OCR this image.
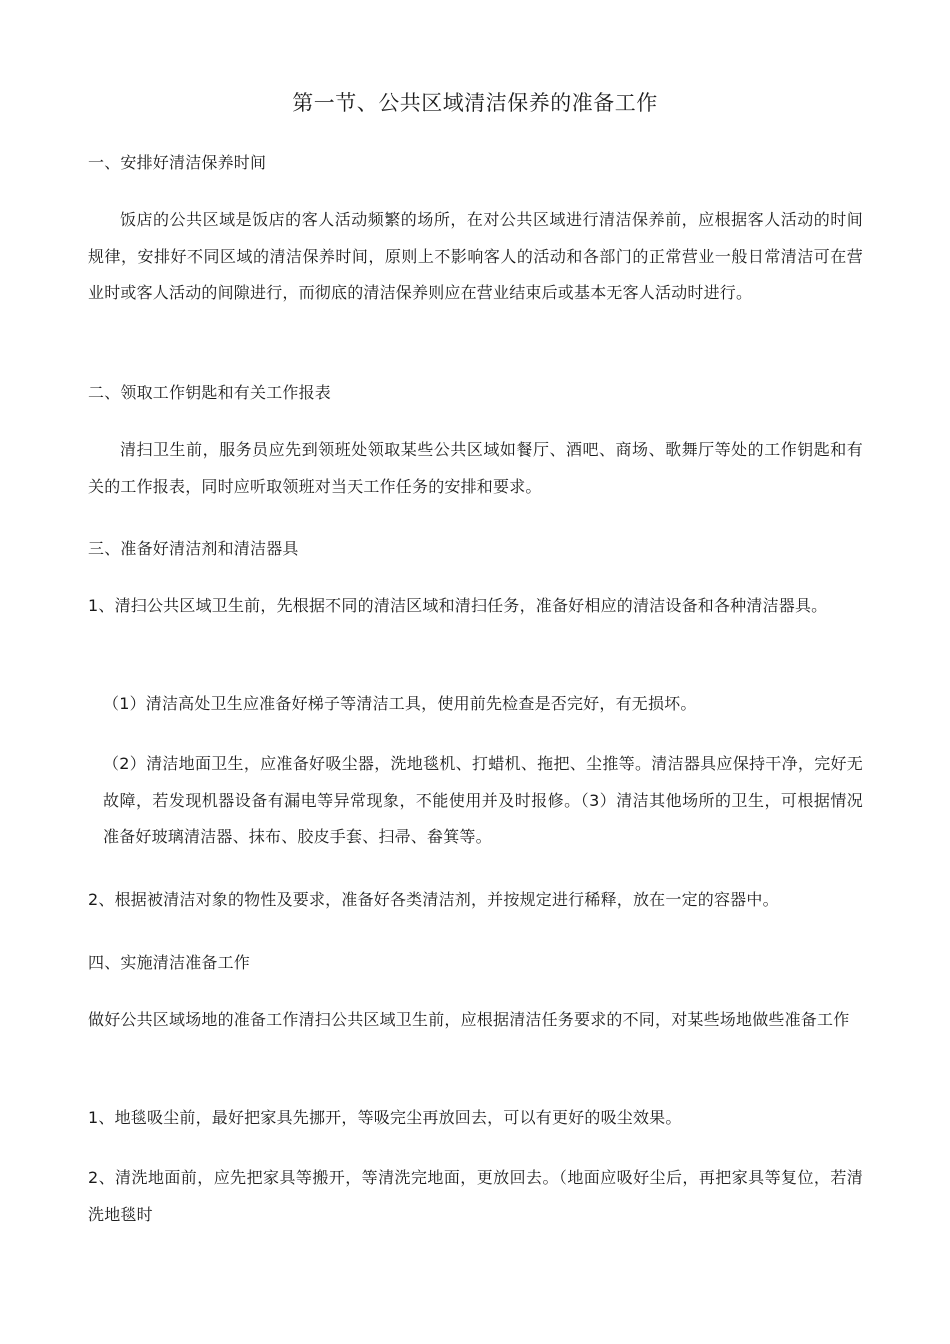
第一节、公共区域清洁保养的准备工作

一、安排好清洁保养时间

饭店的公共区域是饭店的客人活动频繁的场所，在对公共区域进行清洁保养前，应根据客人活动的时间规律，安排好不同区域的清洁保养时间，原则上不影响客人的活动和各部门的正常营业一般日常清洁可在营业时或客人活动的间隙进行，而彻底的清洁保养则应在营业结束后或基本无客人活动时进行。

二、领取工作钥匙和有关工作报表

清扫卫生前，服务员应先到领班处领取某些公共区域如餐厅、酒吧、商场、歌舞厅等处的工作钥匙和有关的工作报表，同时应听取领班对当天工作任务的安排和要求。

三、准备好清洁剂和清洁器具

1、清扫公共区域卫生前，先根据不同的清洁区域和清扫任务，准备好相应的清洁设备和各种清洁器具。

（1）清洁高处卫生应准备好梯子等清洁工具，使用前先检查是否完好，有无损坏。

（2）清洁地面卫生，应准备好吸尘器，洗地毯机、打蜡机、拖把、尘推等。清洁器具应保持干净，完好无故障，若发现机器设备有漏电等异常现象，不能使用并及时报修。（3）清洁其他场所的卫生，可根据情况准备好玻璃清洁器、抹布、胶皮手套、扫帚、畚箕等。

2、根据被清洁对象的物性及要求，准备好各类清洁剂，并按规定进行稀释，放在一定的容器中。

四、实施清洁准备工作

做好公共区域场地的准备工作清扫公共区域卫生前，应根据清洁任务要求的不同，对某些场地做些准备工作

1、地毯吸尘前，最好把家具先挪开，等吸完尘再放回去，可以有更好的吸尘效果。

2、清洗地面前，应先把家具等搬开，等清洗完地面，更放回去。（地面应吸好尘后，再把家具等复位，若清洗地毯时
